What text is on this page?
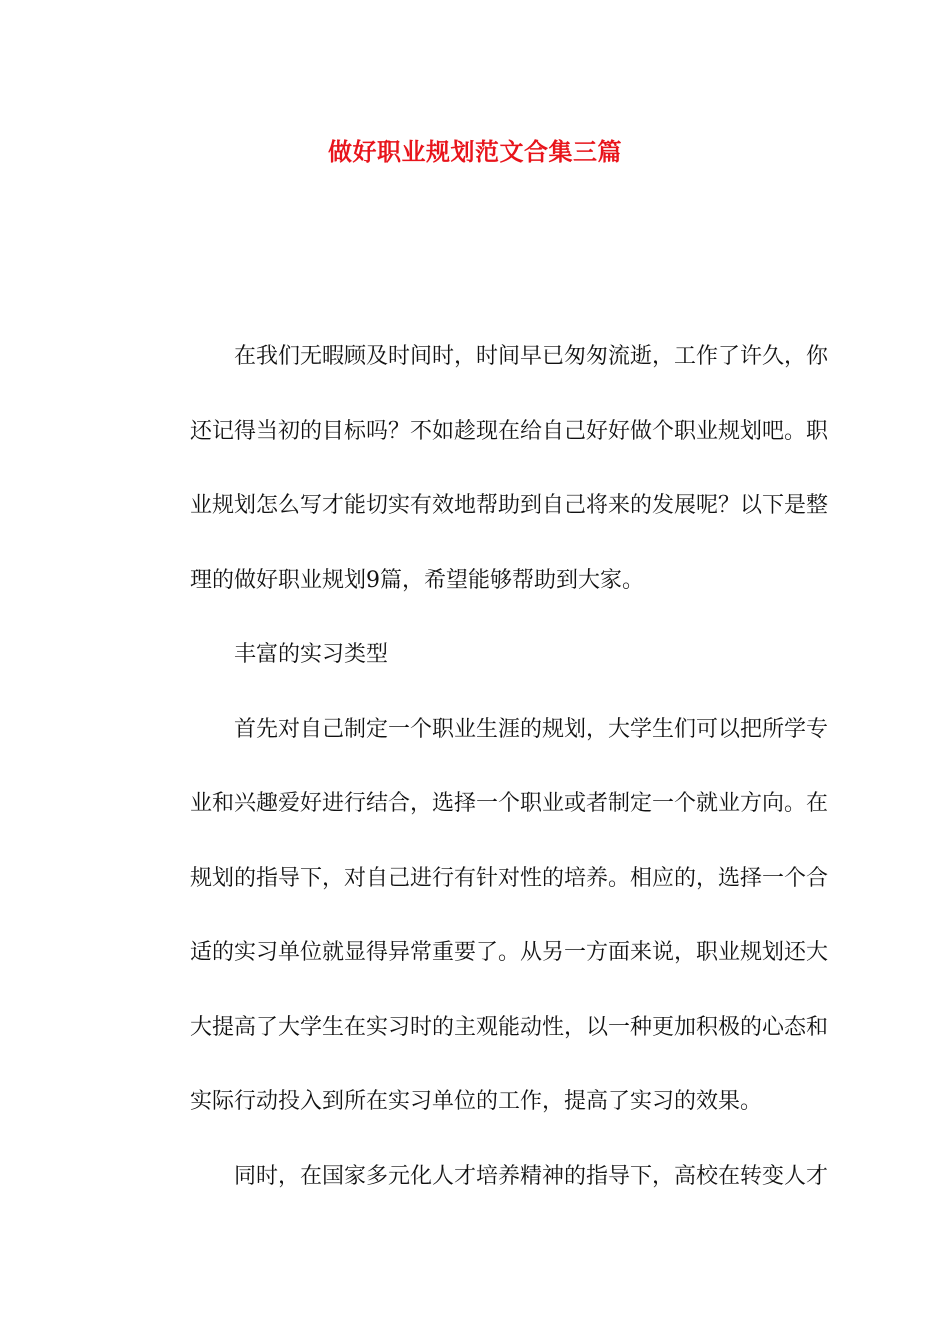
做好职业规划范文合集三篇
在我们无暇顾及时间时，时间早已匆匆流逝，工作了许久，你
还记得当初的目标吗？不如趁现在给自己好好做个职业规划吧。职
业规划怎么写才能切实有效地帮助到自己将来的发展呢？以下是整
理的做好职业规划9篇，希望能够帮助到大家。
丰富的实习类型
首先对自己制定一个职业生涯的规划，大学生们可以把所学专
业和兴趣爱好进行结合，选择一个职业或者制定一个就业方向。在
规划的指导下，对自己进行有针对性的培养。相应的，选择一个合
适的实习单位就显得异常重要了。从另一方面来说，职业规划还大
大提高了大学生在实习时的主观能动性，以一种更加积极的心态和
实际行动投入到所在实习单位的工作，提高了实习的效果。
同时，在国家多元化人才培养精神的指导下，高校在转变人才
